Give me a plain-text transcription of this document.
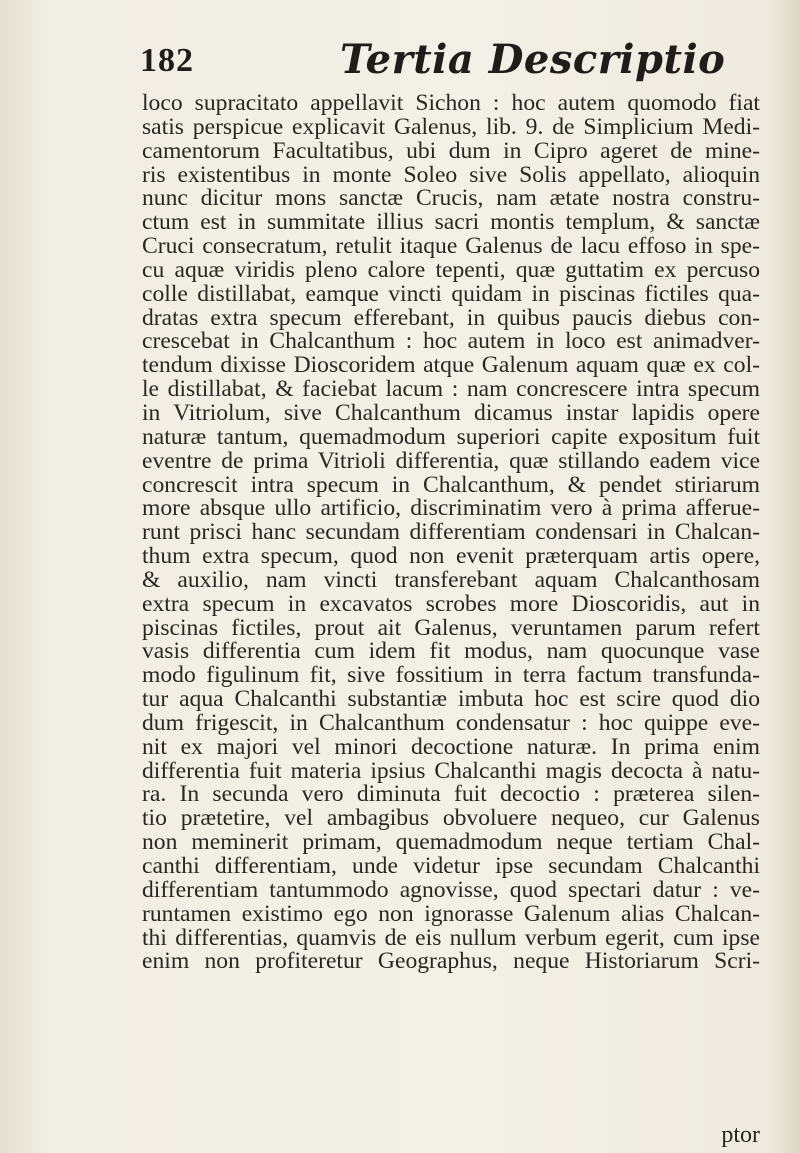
182	Tertia Descriptio
loco supracitato appellavit Sichon : hoc autem quomodo fiat
satis perspicue explicavit Galenus, lib. 9. de Simplicium Medi-
camentorum Facultatibus, ubi dum in Cipro ageret de mine-
ris existentibus in monte Soleo sive Solis appellato, alioquin
nunc dicitur mons sanctæ Crucis, nam ætate nostra constru-
ctum est in summitate illius sacri montis templum, & sanctæ
Cruci consecratum, retulit itaque Galenus de lacu effoso in spe-
cu aquæ viridis pleno calore tepenti, quæ guttatim ex percuso
colle distillabat, eamque vincti quidam in piscinas fictiles qua-
dratas extra specum efferebant, in quibus paucis diebus con-
crescebat in Chalcanthum : hoc autem in loco est animadver-
tendum dixisse Dioscoridem atque Galenum aquam quæ ex col-
le distillabat, & faciebat lacum : nam concrescere intra specum
in Vitriolum, sive Chalcanthum dicamus instar lapidis opere
naturæ tantum, quemadmodum superiori capite expositum fuit
eventre de prima Vitrioli differentia, quæ stillando eadem vice
concrescit intra specum in Chalcanthum, & pendet stiriarum
more absque ullo artificio, discriminatim vero à prima afferue-
runt prisci hanc secundam differentiam condensari in Chalcan-
thum extra specum, quod non evenit præterquam artis opere,
& auxilio, nam vincti transferebant aquam Chalcanthosam
extra specum in excavatos scrobes more Dioscoridis, aut in
piscinas fictiles, prout ait Galenus, veruntamen parum refert
vasis differentia cum idem fit modus, nam quocunque vase
modo figulinum fit, sive fossitium in terra factum transfunda-
tur aqua Chalcanthi substantiæ imbuta hoc est scire quod dio
dum frigescit, in Chalcanthum condensatur : hoc quippe eve-
nit ex majori vel minori decoctione naturæ. In prima enim
differentia fuit materia ipsius Chalcanthi magis decocta à natu-
ra. In secunda vero diminuta fuit decoctio : præterea silen-
tio prætetire, vel ambagibus obvoluere nequeo, cur Galenus
non meminerit primam, quemadmodum neque tertiam Chal-
canthi differentiam, unde videtur ipse secundam Chalcanthi
differentiam tantummodo agnovisse, quod spectari datur : ve-
runtamen existimo ego non ignorasse Galenum alias Chalcan-
thi differentias, quamvis de eis nullum verbum egerit, cum ipse
enim non profiteretur Geographus, neque Historiarum Scri-
ptor
